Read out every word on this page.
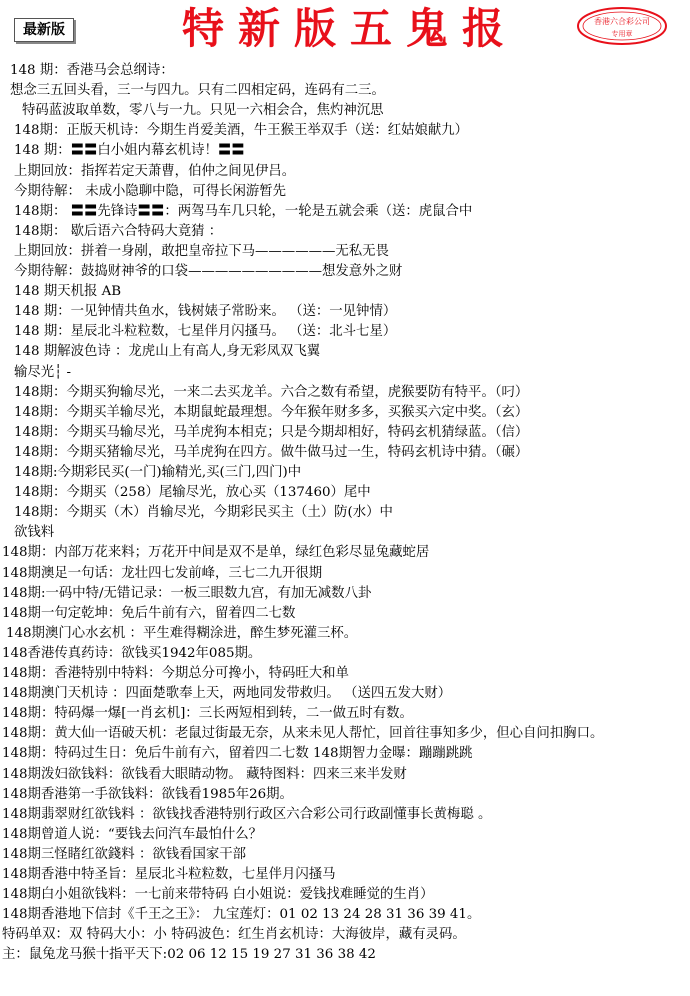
最新版	特新版五鬼报	香港六合彩公司
专用章
148 期：香港马会总纲诗：
想念三五回头看，三一与四九。只有二四相定码，连码有二三。
特码蓝波取单数，零八与一九。只见一六相会合，焦灼神沉思
148期：正版天机诗：今期生肖爱美酒，牛王猴王举双手（送：红姑娘献九）
148 期：〓〓白小姐内幕玄机诗！〓〓
上期回放：指挥若定天萧曹，伯仲之间见伊吕。
今期待解： 未成小隐聊中隐，可得长闲游暂先
148期： 〓〓先锋诗〓〓：两驾马车几只轮，一轮是五就会乘（送：虎鼠合中
148期： 歇后语六合特码大竟猜 ：
上期回放：拼着一身剐，敢把皇帝拉下马——————无私无畏
今期待解：鼓捣财神爷的口袋——————————想发意外之财
148 期天机报 AB
148 期：一见钟情共鱼水，钱树婊子常盼来。 （送：一见钟情）
148 期：星辰北斗粒粒数，七星伴月闪搔马。 （送：北斗七星）
148 期解波色诗 ：龙虎山上有高人,身无彩凤双飞翼
输尽光┆ -
148期：今期买狗输尽光，一来二去买龙羊。六合之数有希望，虎猴要防有特平。（叼）
148期：今期买羊输尽光，本期鼠蛇最理想。今年猴年财多多，买猴买六定中奖。（玄）
148期：今期买马输尽光，马羊虎狗本相克；只是今期却相好，特码玄机猜绿蓝。（信）
148期：今期买猪输尽光，马羊虎狗在四方。做牛做马过一生，特码玄机诗中猜。（碾）
148期:今期彩民买(一门)输精光,买(三门,四门)中
148期：今期买（258）尾输尽光，放心买（137460）尾中
148期：今期买（木）肖输尽光，今期彩民买主（土）防(水）中
欲钱料
148期：内部万花来料；万花开中间是双不是单，绿红色彩尽显兔藏蛇居
148期澳足一句话：龙壮四七发前峰，三七二九开很期
148期:一码中特/无错记录：一板三眼数九宫，有加无减数八卦
148期一句定乾坤：免后牛前有六，留着四二七数
148期澳门心水玄机 ：平生难得糊涂进，醉生梦死灌三杯。
148香港传真药诗：欲钱买1942年085期。
148期：香港特别中特料：今期总分可搀小，特码旺大和单
148期澳门天机诗 ：四面楚歌奉上天，两地同发带救归。 （送四五发大财）
148期：特码爆一爆[一肖玄机]：三长两短相到转，二一做五时有数。
148期：黄大仙一语破天机：老鼠过街最无奈，从来未见人帮忙，回首往事知多少，但心自问扣胸口。
148期：特码过生日：免后牛前有六，留着四二七数 148期智力金曝：蹦蹦跳跳
148期泼妇欲钱料：欲钱看大眼睛动物。 藏特图料：四来三来半发财
148期香港第一手欲钱料：欲钱看1985年26期。
148期翡翠财红欲钱料 ：欲钱找香港特别行政区六合彩公司行政副懂事长黄梅聪 。
148期曾道人说：“要钱去问汽车最怕什么？
148期三怪睹红欲錢料 ：欲钱看国家干部
148期香港中特圣旨：星辰北斗粒粒数，七星伴月闪搔马
148期白小姐欲钱料：一七前来带特码 白小姐说：爱钱找难睡觉的生肖）
148期香港地下信封《千王之王》： 九宝莲灯：01 02 13 24 28 31 36 39 41。
特码单双：双 特码大小：小 特码波色：红生肖玄机诗：大海彼岸，藏有灵码。
主：鼠兔龙马猴十指平天下:02 06 12 15 19 27 31 36 38 42
